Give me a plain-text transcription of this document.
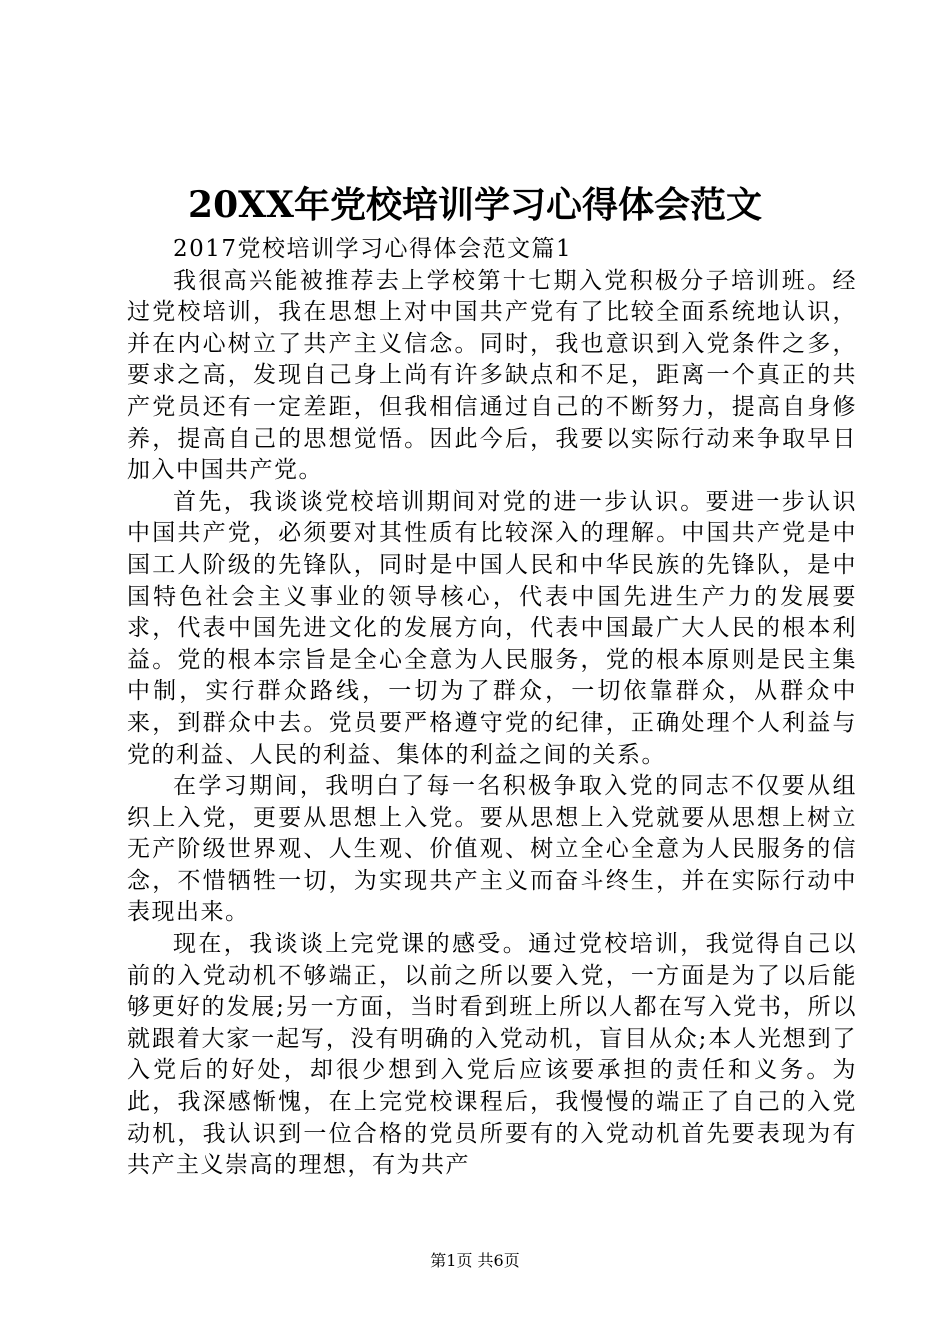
20XX年党校培训学习心得体会范文

2017党校培训学习心得体会范文篇1

我很高兴能被推荐去上学校第十七期入党积极分子培训班。经过党校培训，我在思想上对中国共产党有了比较全面系统地认识，并在内心树立了共产主义信念。同时，我也意识到入党条件之多，要求之高，发现自己身上尚有许多缺点和不足，距离一个真正的共产党员还有一定差距，但我相信通过自己的不断努力，提高自身修养，提高自己的思想觉悟。因此今后，我要以实际行动来争取早日加入中国共产党。

首先，我谈谈党校培训期间对党的进一步认识。要进一步认识中国共产党，必须要对其性质有比较深入的理解。中国共产党是中国工人阶级的先锋队，同时是中国人民和中华民族的先锋队，是中国特色社会主义事业的领导核心，代表中国先进生产力的发展要求，代表中国先进文化的发展方向，代表中国最广大人民的根本利益。党的根本宗旨是全心全意为人民服务，党的根本原则是民主集中制，实行群众路线，一切为了群众，一切依靠群众，从群众中来，到群众中去。党员要严格遵守党的纪律，正确处理个人利益与党的利益、人民的利益、集体的利益之间的关系。

在学习期间，我明白了每一名积极争取入党的同志不仅要从组织上入党，更要从思想上入党。要从思想上入党就要从思想上树立无产阶级世界观、人生观、价值观、树立全心全意为人民服务的信念，不惜牺牲一切，为实现共产主义而奋斗终生，并在实际行动中表现出来。

现在，我谈谈上完党课的感受。通过党校培训，我觉得自己以前的入党动机不够端正，以前之所以要入党，一方面是为了以后能够更好的发展;另一方面，当时看到班上所以人都在写入党书，所以就跟着大家一起写，没有明确的入党动机，盲目从众;本人光想到了入党后的好处，却很少想到入党后应该要承担的责任和义务。为此，我深感惭愧，在上完党校课程后，我慢慢的端正了自己的入党动机，我认识到一位合格的党员所要有的入党动机首先要表现为有共产主义崇高的理想，有为共产

第1页 共6页
